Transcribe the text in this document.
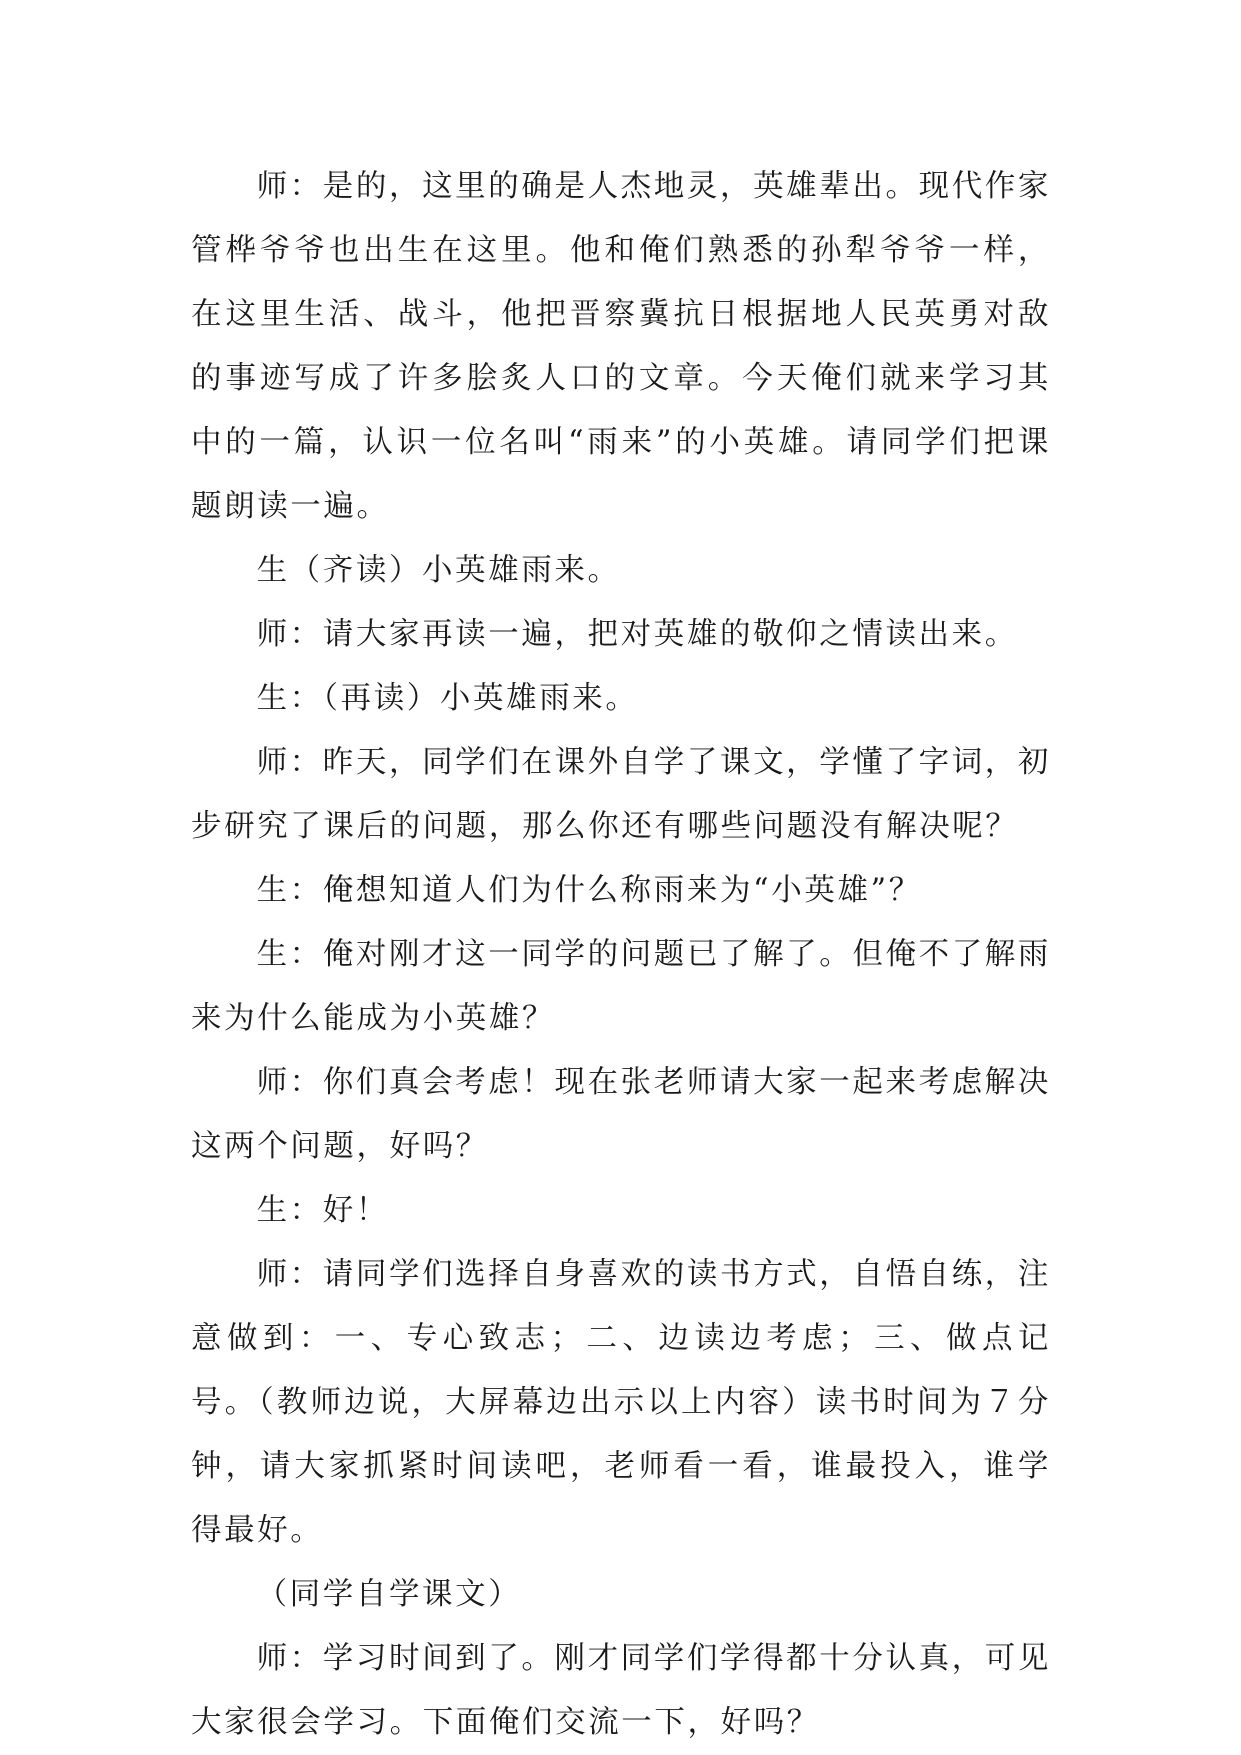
师：是的，这里的确是人杰地灵，英雄辈出。现代作家管桦爷爷也出生在这里。他和俺们熟悉的孙犁爷爷一样，在这里生活、战斗，他把晋察冀抗日根据地人民英勇对敌的事迹写成了许多脍炙人口的文章。今天俺们就来学习其中的一篇，认识一位名叫“雨来”的小英雄。请同学们把课题朗读一遍。

生（齐读）小英雄雨来。

师：请大家再读一遍，把对英雄的敬仰之情读出来。

生：（再读）小英雄雨来。

师：昨天，同学们在课外自学了课文，学懂了字词，初步研究了课后的问题，那么你还有哪些问题没有解决呢？

生：俺想知道人们为什么称雨来为“小英雄”？

生：俺对刚才这一同学的问题已了解了。但俺不了解雨来为什么能成为小英雄？

师：你们真会考虑！现在张老师请大家一起来考虑解决这两个问题，好吗？

生：好！

师：请同学们选择自身喜欢的读书方式，自悟自练，注意做到：一、专心致志；二、边读边考虑；三、做点记号。（教师边说，大屏幕边出示以上内容）读书时间为７分钟，请大家抓紧时间读吧，老师看一看，谁最投入，谁学得最好。

（同学自学课文）

师：学习时间到了。刚才同学们学得都十分认真，可见大家很会学习。下面俺们交流一下，好吗？
